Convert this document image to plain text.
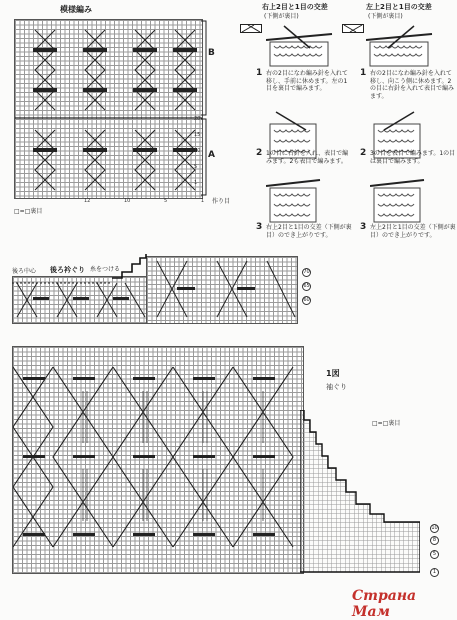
模様編み
B
A
20
15
10
5
1
12	10	5	1 作り目
□=□裏目
右上2目と1目の交差
(下側が裏目)
左上2目と1目の交差
(下側が裏目)
1 右の2目になわ編み針を入れて移し、手前に休めます。左の1目を裏目で編みます。
2 1の目に右針を入れ、表目で編みます。2も表目で編みます。
3 右上2目と1目の交差（下側が裏目）のでき上がりです。
1 右の2目になわ編み針を入れて移し、向こう側に休めます。2の目に右針を入れて表目で編みます。
2 3の目を表目で編みます。1の目は裏目で編みます。
3 左上2目と1目の交差（下側が裏目）のでき上がりです。
後ろ中心 後ろ衿ぐり 糸をつける
1図
袖ぐり
□=□裏目
70
65
60
10
8
5
1
Страна Мам
